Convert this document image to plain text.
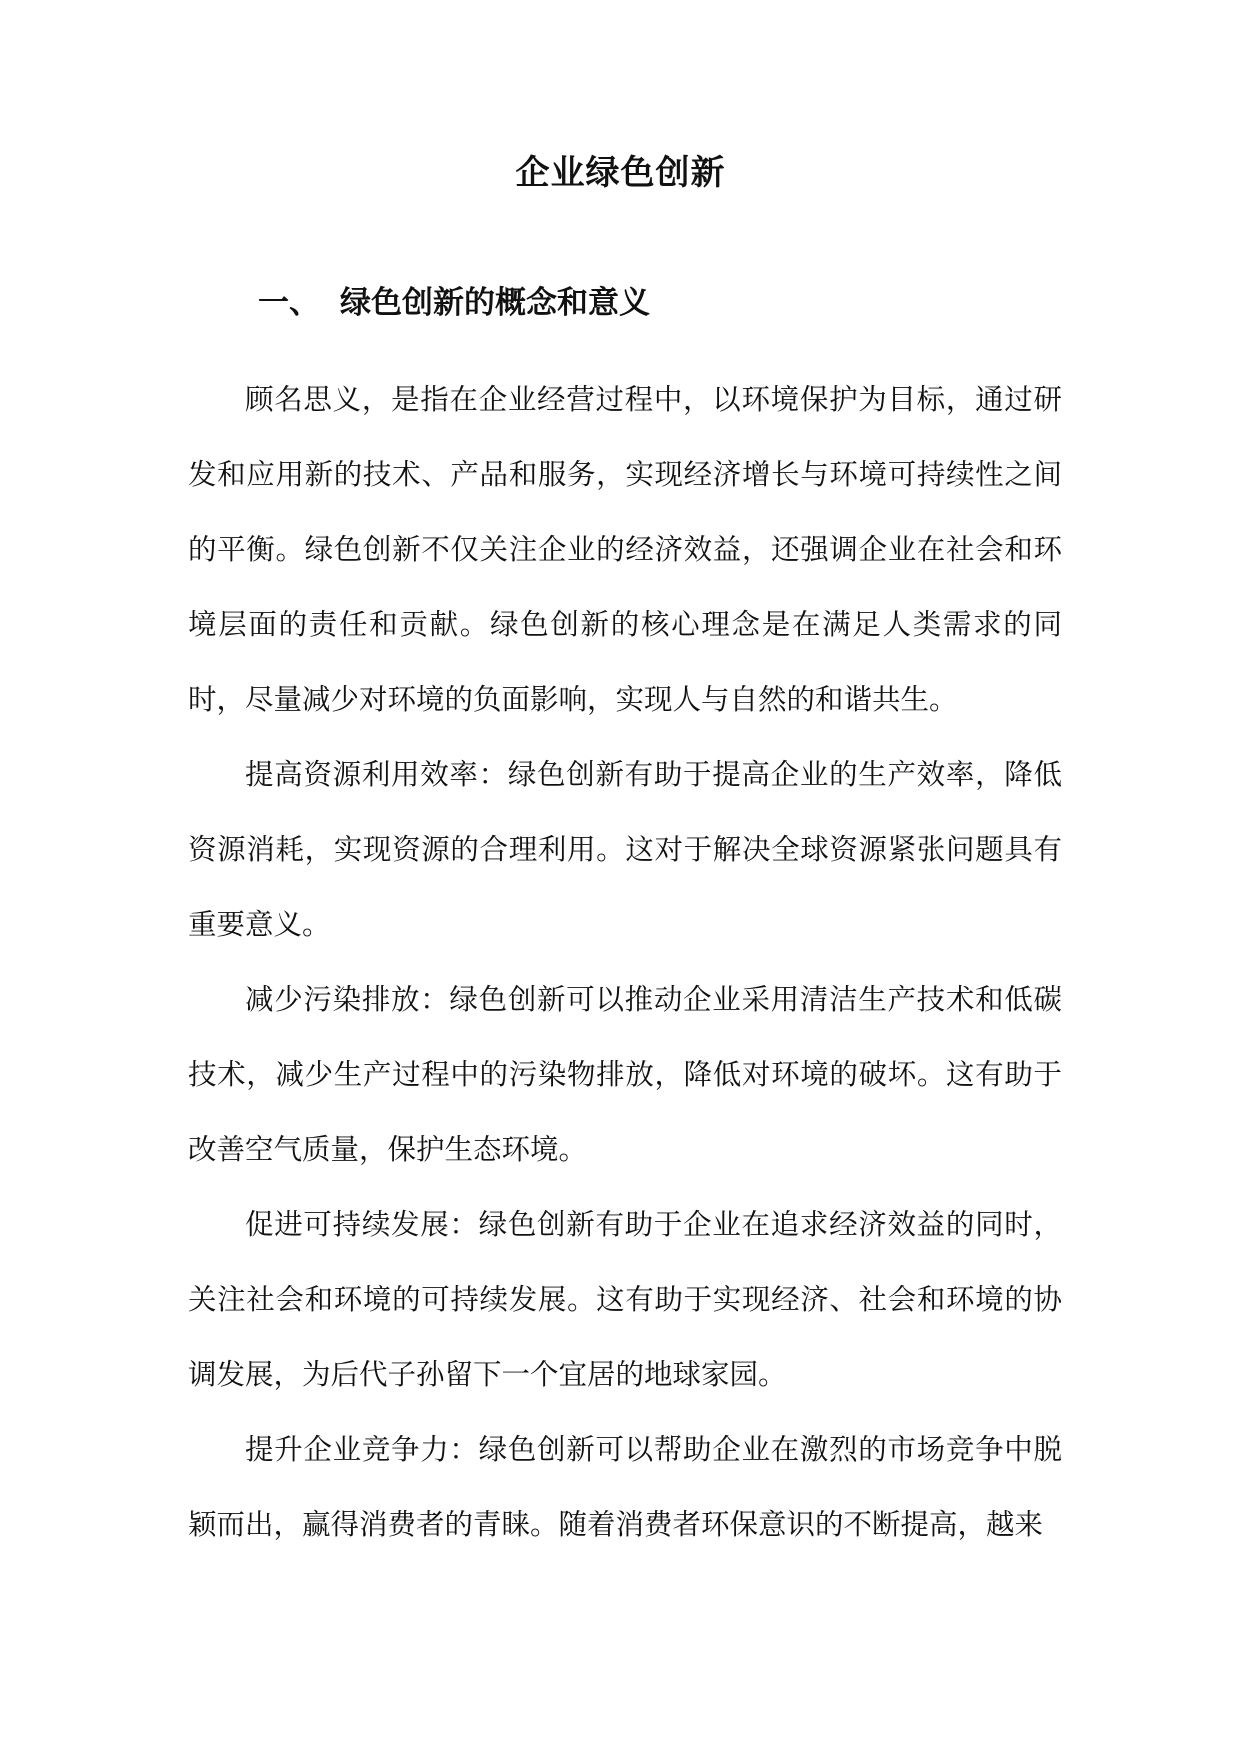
企业绿色创新
一、 绿色创新的概念和意义

顾名思义，是指在企业经营过程中，以环境保护为目标，通过研发和应用新的技术、产品和服务，实现经济增长与环境可持续性之间的平衡。绿色创新不仅关注企业的经济效益，还强调企业在社会和环境层面的责任和贡献。绿色创新的核心理念是在满足人类需求的同时，尽量减少对环境的负面影响，实现人与自然的和谐共生。

提高资源利用效率：绿色创新有助于提高企业的生产效率，降低资源消耗，实现资源的合理利用。这对于解决全球资源紧张问题具有重要意义。

减少污染排放：绿色创新可以推动企业采用清洁生产技术和低碳技术，减少生产过程中的污染物排放，降低对环境的破坏。这有助于改善空气质量，保护生态环境。

促进可持续发展：绿色创新有助于企业在追求经济效益的同时，关注社会和环境的可持续发展。这有助于实现经济、社会和环境的协调发展，为后代子孙留下一个宜居的地球家园。

提升企业竞争力：绿色创新可以帮助企业在激烈的市场竞争中脱颖而出，赢得消费者的青睐。随着消费者环保意识的不断提高，越来
